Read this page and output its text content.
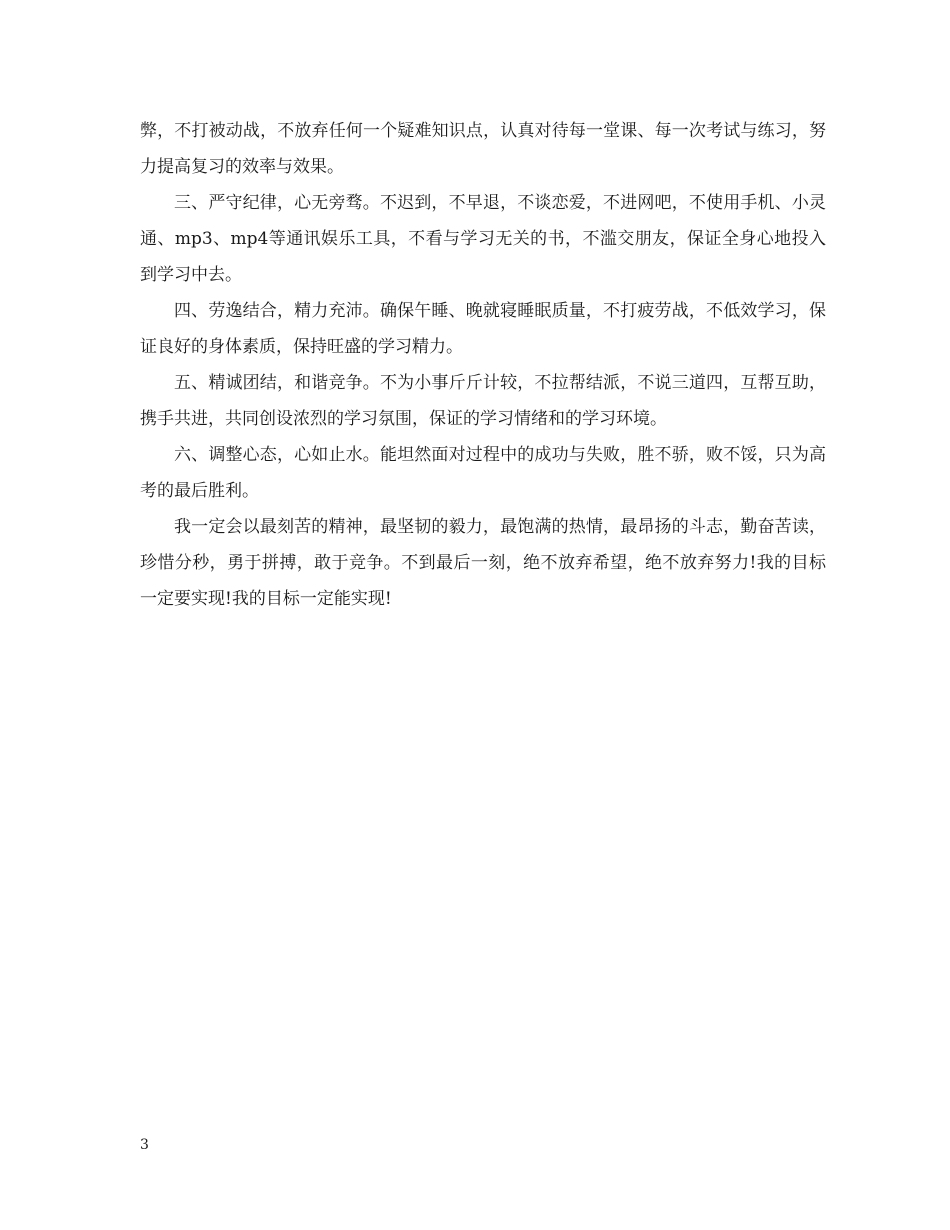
弊，不打被动战，不放弃任何一个疑难知识点，认真对待每一堂课、每一次考试与练习，努力提高复习的效率与效果。

三、严守纪律，心无旁骛。不迟到，不早退，不谈恋爱，不进网吧，不使用手机、小灵通、mp3、mp4等通讯娱乐工具，不看与学习无关的书，不滥交朋友，保证全身心地投入到学习中去。

四、劳逸结合，精力充沛。确保午睡、晚就寝睡眠质量，不打疲劳战，不低效学习，保证良好的身体素质，保持旺盛的学习精力。

五、精诚团结，和谐竞争。不为小事斤斤计较，不拉帮结派，不说三道四，互帮互助，携手共进，共同创设浓烈的学习氛围，保证的学习情绪和的学习环境。

六、调整心态，心如止水。能坦然面对过程中的成功与失败，胜不骄，败不馁，只为高考的最后胜利。

我一定会以最刻苦的精神，最坚韧的毅力，最饱满的热情，最昂扬的斗志，勤奋苦读，珍惜分秒，勇于拼搏，敢于竞争。不到最后一刻，绝不放弃希望，绝不放弃努力!我的目标一定要实现!我的目标一定能实现!

3
